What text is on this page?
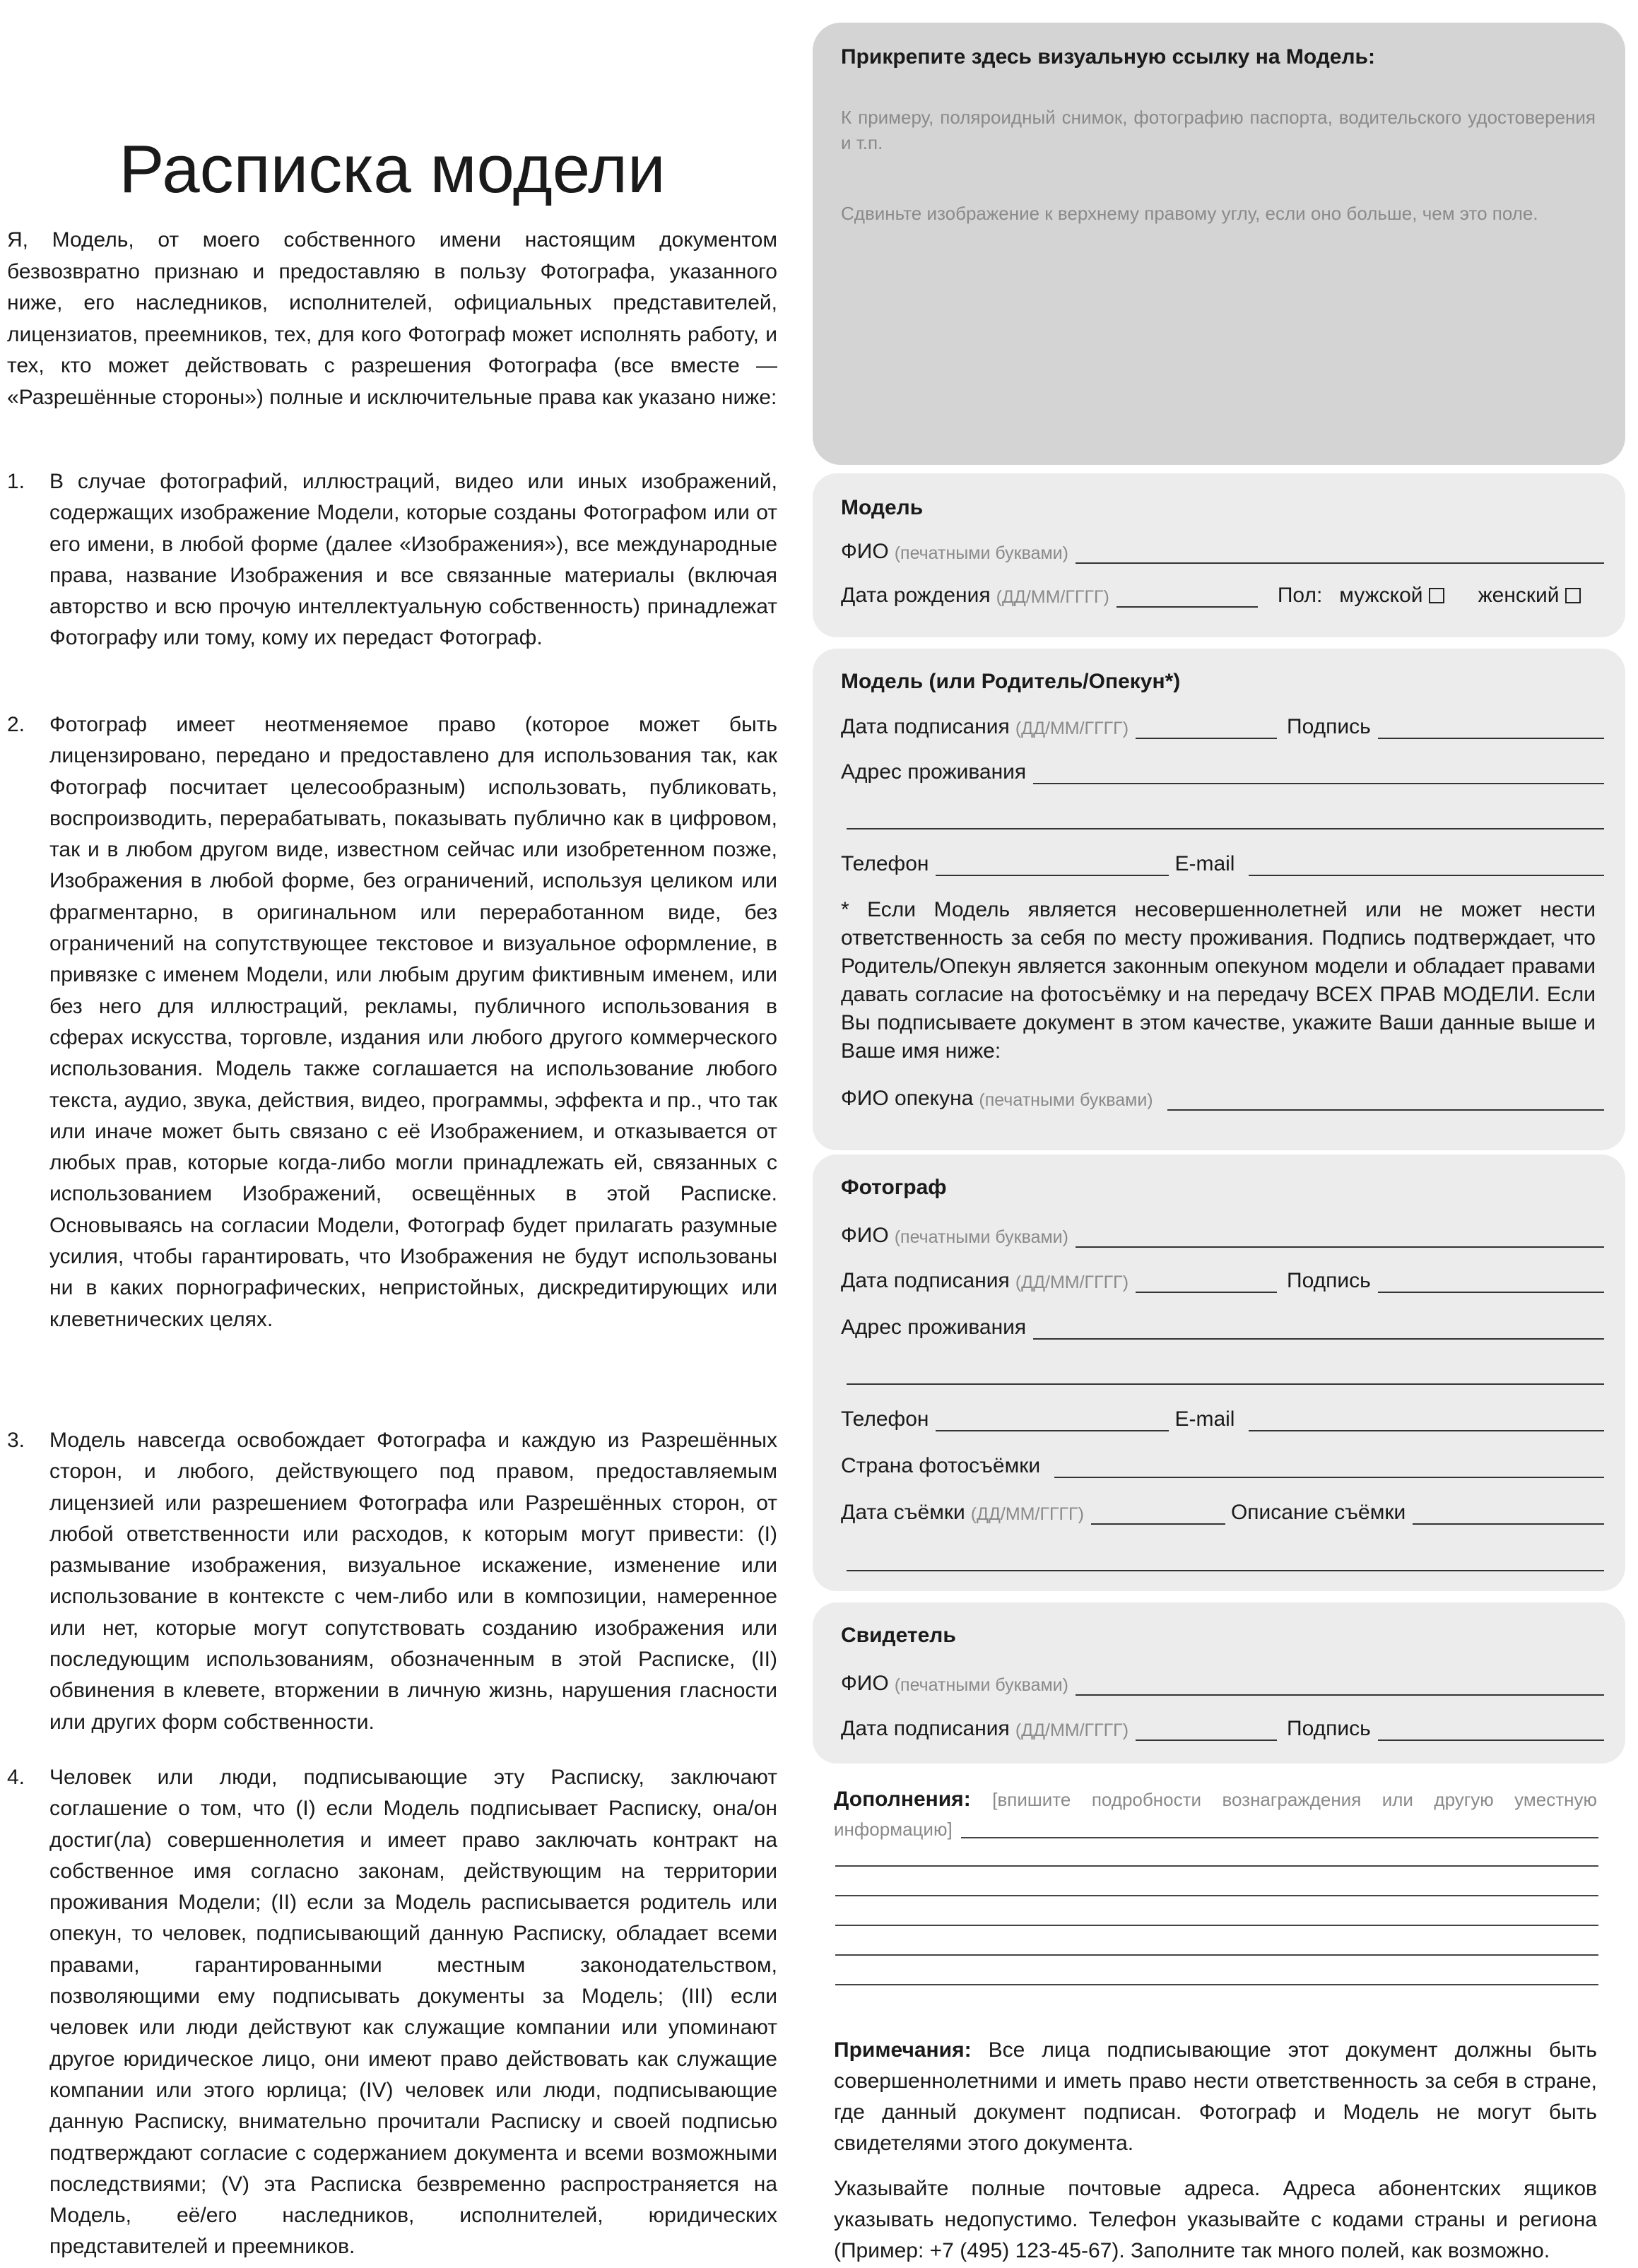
Расписка модели
Я, Модель, от моего собственного имени настоящим документом безвозвратно признаю и предоставляю в пользу Фотографа, указанного ниже, его наследников, исполнителей, официальных представителей, лицензиатов, преемников, тех, для кого Фотограф может исполнять работу, и тех, кто может действовать с разрешения Фотографа (все вместе — «Разрешённые стороны») полные и исключительные права как указано ниже:
1. В случае фотографий, иллюстраций, видео или иных изображений, содержащих изображение Модели, которые созданы Фотографом или от его имени, в любой форме (далее «Изображения»), все международные права, название Изображения и все связанные материалы (включая авторство и всю прочую интеллектуальную собственность) принадлежат Фотографу или тому, кому их передаст Фотограф.
2. Фотограф имеет неотменяемое право (которое может быть лицензировано, передано и предоставлено для использования так, как Фотограф посчитает целесообразным) использовать, публиковать, воспроизводить, перерабатывать, показывать публично как в цифровом, так и в любом другом виде, известном сейчас или изобретенном позже, Изображения в любой форме, без ограничений, используя целиком или фрагментарно, в оригинальном или переработанном виде, без ограничений на сопутствующее текстовое и визуальное оформление, в привязке с именем Модели, или любым другим фиктивным именем, или без него для иллюстраций, рекламы, публичного использования в сферах искусства, торговле, издания или любого другого коммерческого использования. Модель также соглашается на использование любого текста, аудио, звука, действия, видео, программы, эффекта и пр., что так или иначе может быть связано с её Изображением, и отказывается от любых прав, которые когда-либо могли принадлежать ей, связанных с использованием Изображений, освещённых в этой Расписке. Основываясь на согласии Модели, Фотограф будет прилагать разумные усилия, чтобы гарантировать, что Изображения не будут использованы ни в каких порнографических, непристойных, дискредитирующих или клеветнических целях.
3. Модель навсегда освобождает Фотографа и каждую из Разрешённых сторон, и любого, действующего под правом, предоставляемым лицензией или разрешением Фотографа или Разрешённых сторон, от любой ответственности или расходов, к которым могут привести: (I) размывание изображения, визуальное искажение, изменение или использование в контексте с чем-либо или в композиции, намеренное или нет, которые могут сопутствовать созданию изображения или последующим использованиям, обозначенным в этой Расписке, (II) обвинения в клевете, вторжении в личную жизнь, нарушения гласности или других форм собственности.
4. Человек или люди, подписывающие эту Расписку, заключают соглашение о том, что (I) если Модель подписывает Расписку, она/он достиг(ла) совершеннолетия и имеет право заключать контракт на собственное имя согласно законам, действующим на территории проживания Модели; (II) если за Модель расписывается родитель или опекун, то человек, подписывающий данную Расписку, обладает всеми правами, гарантированными местным законодательством, позволяющими ему подписывать документы за Модель; (III) если человек или люди действуют как служащие компании или упоминают другое юридическое лицо, они имеют право действовать как служащие компании или этого юрлица; (IV) человек или люди, подписывающие данную Расписку, внимательно прочитали Расписку и своей подписью подтверждают согласие с содержанием документа и всеми возможными последствиями; (V) эта Расписка безвременно распространяется на Модель, её/его наследников, исполнителей, юридических представителей и преемников.
Прикрепите здесь визуальную ссылку на Модель:
К примеру, поляроидный снимок, фотографию паспорта, водительского удостоверения и т.п.
Сдвиньте изображение к верхнему правому углу, если оно больше, чем это поле.
Модель
ФИО (печатными буквами)
Дата рождения (ДД/ММ/ГГГГ)	Пол: мужской	женский
Модель (или Родитель/Опекун*)
Дата подписания (ДД/ММ/ГГГГ)	Подпись
Адрес проживания
Телефон	E-mail
* Если Модель является несовершеннолетней или не может нести ответственность за себя по месту проживания. Подпись подтверждает, что Родитель/Опекун является законным опекуном модели и обладает правами давать согласие на фотосъёмку и на передачу ВСЕХ ПРАВ МОДЕЛИ. Если Вы подписываете документ в этом качестве, укажите Ваши данные выше и Ваше имя ниже:
ФИО опекуна (печатными буквами)
Фотограф
ФИО (печатными буквами)
Дата подписания (ДД/ММ/ГГГГ)	Подпись
Адрес проживания
Телефон	E-mail
Страна фотосъёмки
Дата съёмки (ДД/ММ/ГГГГ)	Описание съёмки
Свидетель
ФИО (печатными буквами)
Дата подписания (ДД/ММ/ГГГГ)	Подпись
Дополнения: [впишите подробности вознаграждения или другую уместную информацию]
Примечания: Все лица подписывающие этот документ должны быть совершеннолетними и иметь право нести ответственность за себя в стране, где данный документ подписан. Фотограф и Модель не могут быть свидетелями этого документа.
Указывайте полные почтовые адреса. Адреса абонентских ящиков указывать недопустимо. Телефон указывайте с кодами страны и региона (Пример: +7 (495) 123-45-67). Заполните так много полей, как возможно.
